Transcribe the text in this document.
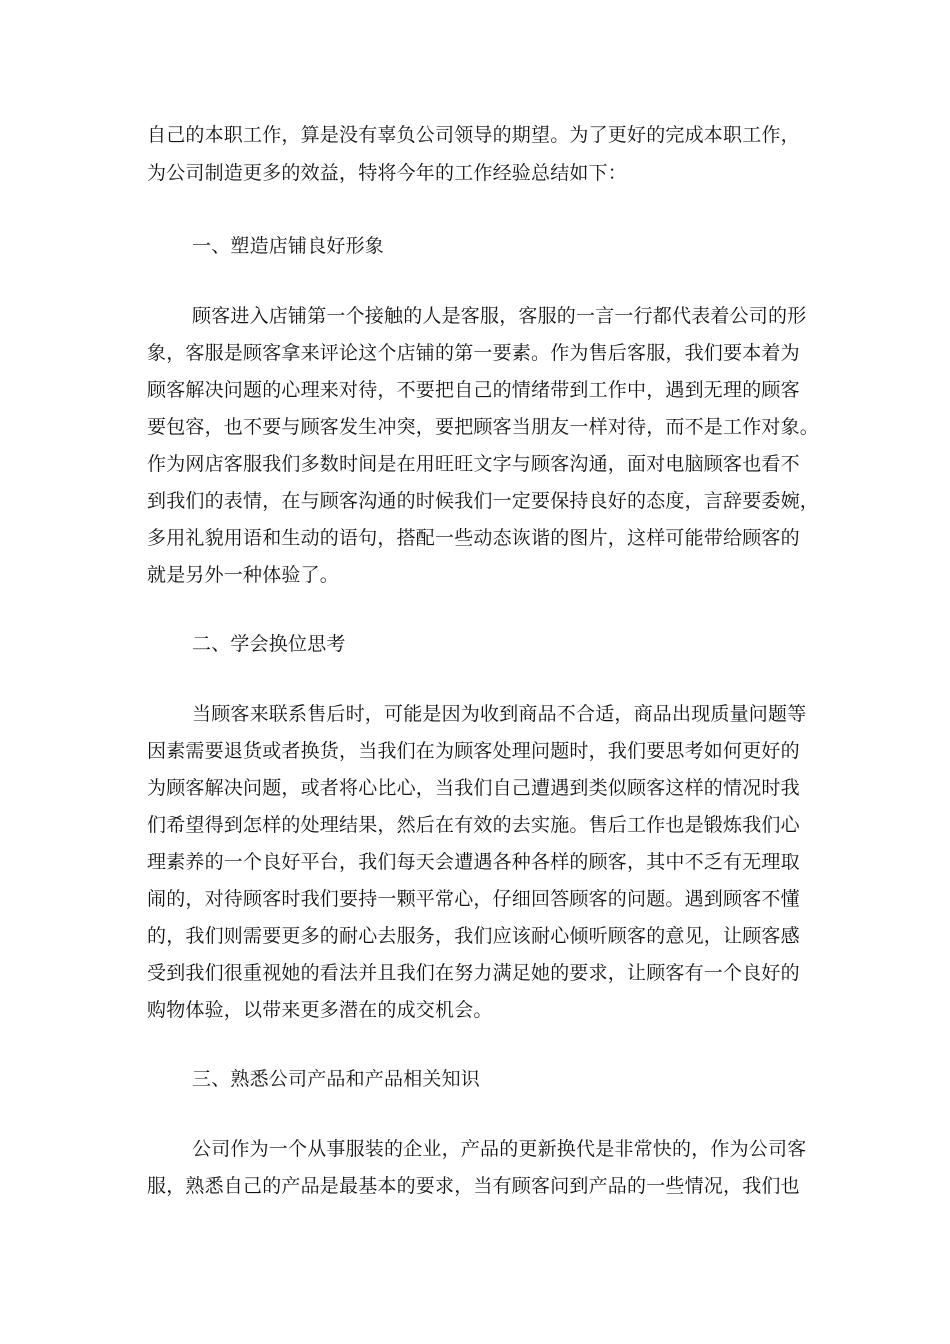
自己的本职工作，算是没有辜负公司领导的期望。为了更好的完成本职工作，
为公司制造更多的效益，特将今年的工作经验总结如下：
一、塑造店铺良好形象
顾客进入店铺第一个接触的人是客服，客服的一言一行都代表着公司的形
象，客服是顾客拿来评论这个店铺的第一要素。作为售后客服，我们要本着为
顾客解决问题的心理来对待，不要把自己的情绪带到工作中，遇到无理的顾客
要包容，也不要与顾客发生冲突，要把顾客当朋友一样对待，而不是工作对象。
作为网店客服我们多数时间是在用旺旺文字与顾客沟通，面对电脑顾客也看不
到我们的表情，在与顾客沟通的时候我们一定要保持良好的态度，言辞要委婉，
多用礼貌用语和生动的语句，搭配一些动态诙谐的图片，这样可能带给顾客的
就是另外一种体验了。
二、学会换位思考
当顾客来联系售后时，可能是因为收到商品不合适，商品出现质量问题等
因素需要退货或者换货，当我们在为顾客处理问题时，我们要思考如何更好的
为顾客解决问题，或者将心比心，当我们自己遭遇到类似顾客这样的情况时我
们希望得到怎样的处理结果，然后在有效的去实施。售后工作也是锻炼我们心
理素养的一个良好平台，我们每天会遭遇各种各样的顾客，其中不乏有无理取
闹的，对待顾客时我们要持一颗平常心，仔细回答顾客的问题。遇到顾客不懂
的，我们则需要更多的耐心去服务，我们应该耐心倾听顾客的意见，让顾客感
受到我们很重视她的看法并且我们在努力满足她的要求，让顾客有一个良好的
购物体验，以带来更多潜在的成交机会。
三、熟悉公司产品和产品相关知识
公司作为一个从事服装的企业，产品的更新换代是非常快的，作为公司客
服，熟悉自己的产品是最基本的要求，当有顾客问到产品的一些情况，我们也
